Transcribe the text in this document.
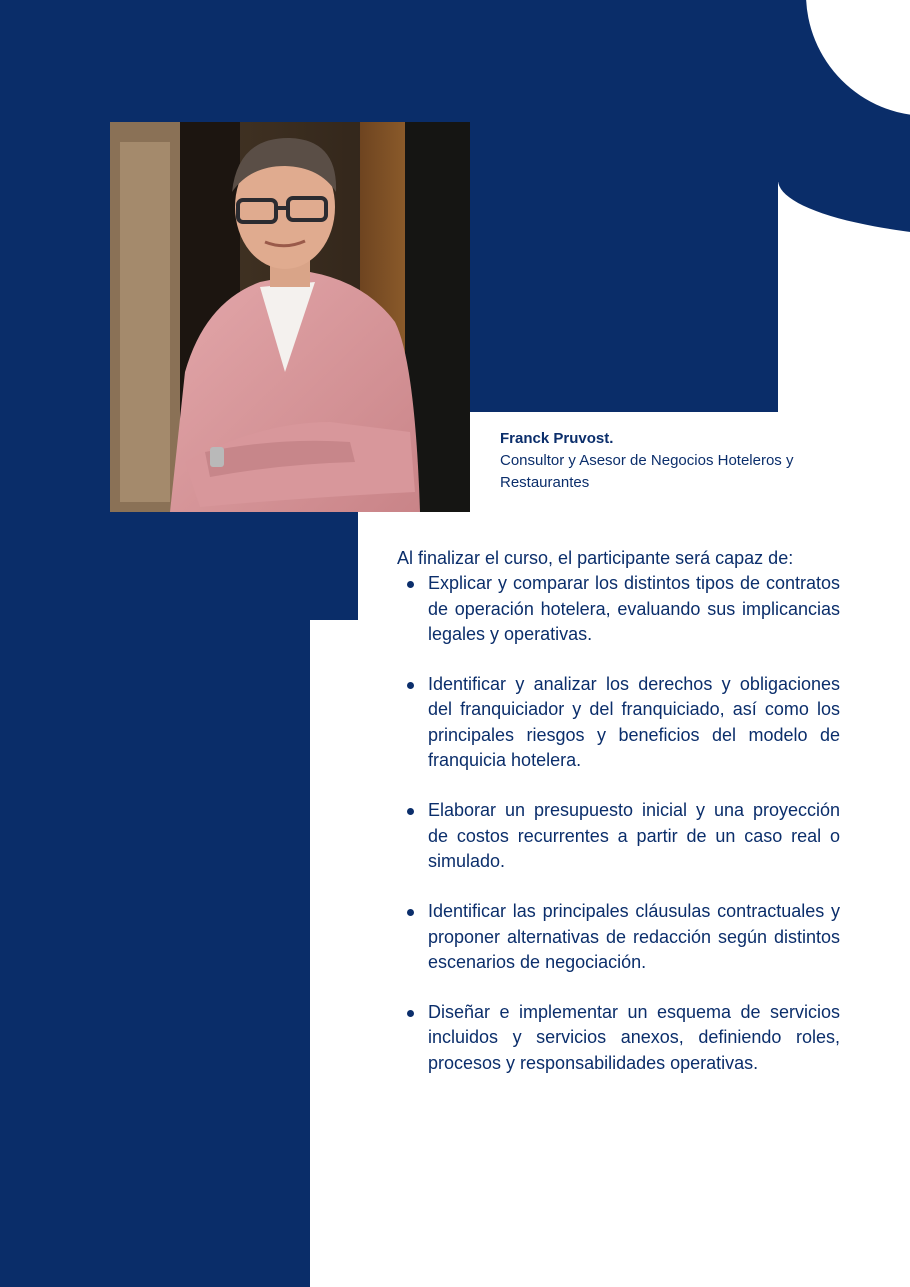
Franck Pruvost.
Consultor y Asesor de Negocios Hoteleros y Restaurantes

Al finalizar el curso, el participante será capaz de:

Explicar y comparar los distintos tipos de contratos de operación hotelera, evaluando sus implicancias legales y operativas.
Identificar y analizar los derechos y obligaciones del franquiciador y del franquiciado, así como los principales riesgos y beneficios del modelo de franquicia hotelera.
Elaborar un presupuesto inicial y una proyección de costos recurrentes a partir de un caso real o simulado.
Identificar las principales cláusulas contractuales y proponer alternativas de redacción según distintos escenarios de negociación.
Diseñar e implementar un esquema de servicios incluidos y servicios anexos, definiendo roles, procesos y responsabilidades operativas.
